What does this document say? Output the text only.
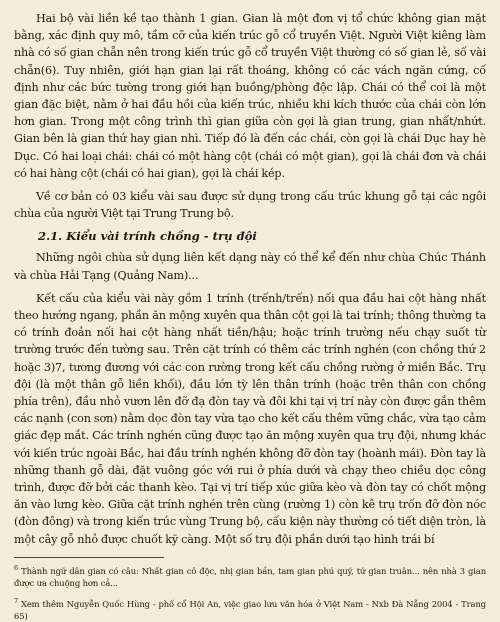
Hai bộ vài liền kề tạo thành 1 gian. Gian là một đơn vị tổ chức không gian mặt bằng, xác định quy mô, tầm cỡ của kiến trúc gỗ cổ truyền Việt. Người Việt kiêng làm nhà có số gian chẵn nên trong kiến trúc gỗ cổ truyền Việt thường có số gian lẻ, số vài chẵn(6). Tuy nhiên, giới hạn gian lại rất thoáng, không có các vách ngăn cứng, cố định như các bức tường trong giới hạn buồng/phòng độc lập. Chái có thể coi là một gian đặc biệt, nằm ở hai đầu hồi của kiến trúc, nhiều khi kích thước của chái còn lớn hơn gian. Trong một công trình thì gian giữa còn gọi là gian trung, gian nhất/nhứt. Gian bên là gian thứ hay gian nhì. Tiếp đó là đến các chái, còn gọi là chái Dục hay hè Dục. Có hai loại chái: chái có một hàng cột (chái có một gian), gọi là chái đơn và chái có hai hàng cột (chái có hai gian), gọi là chái kép.

Về cơ bản có 03 kiểu vài sau được sử dụng trong cấu trúc khung gỗ tại các ngôi chùa của người Việt tại Trung Trung bộ.

2.1. Kiểu vài trính chồng - trụ đội

Những ngôi chùa sử dụng liên kết dạng này có thể kể đến như chùa Chúc Thánh và chùa Hải Tạng (Quảng Nam)...

Kết cấu của kiểu vài này gồm 1 trính (trếnh/trến) nối qua đầu hai cột hàng nhất theo hướng ngang, phần ăn mộng xuyên qua thân cột gọi là tai trính; thông thường ta có trính đoản nối hai cột hàng nhất tiền/hậu; hoặc trính trường nếu chạy suốt từ trường trước đến tường sau. Trên cặt trính có thêm các trính nghén (con chồng thứ 2 hoặc 3)7, tương đương với các con rường trong kết cấu chồng rường ở miền Bắc. Trụ đội (là một thân gỗ liền khối), đầu lớn tỳ lên thân trính (hoặc trên thân con chồng phía trên), đầu nhỏ vươn lên đỡ đạ đòn tay và đôi khi tại vị trí này còn được gắn thêm các nạnh (con sơn) nằm dọc đòn tay vừa tạo cho kết cấu thêm vững chắc, vừa tạo cảm giác đẹp mắt. Các trính nghén cũng được tạo ăn mộng xuyên qua trụ đội, nhưng khác với kiến trúc ngoài Bắc, hai đầu trính nghén không đỡ đòn tay (hoành mái). Đòn tay là những thanh gỗ dài, đặt vuông góc với rui ở phía dưới và chạy theo chiều dọc công trình, được đỡ bởi các thanh kèo. Tại vị trí tiếp xúc giữa kèo và đòn tay có chốt mộng ăn vào lưng kèo. Giữa cặt trính nghén trên cùng (rường 1) còn kê trụ trốn đỡ đòn nóc (đòn đông) và trong kiến trúc vùng Trung bộ, cấu kiện này thường có tiết diện tròn, là một cây gỗ nhỏ được chuốt kỹ càng. Một số trụ đội phần dưới tạo hình trái bí

$^6$ Thành ngữ dân gian có câu: Nhất gian cô độc, nhị gian bần, tam gian phú quý, tứ gian truân... nên nhà 3 gian được ưa chuộng hơn cả...

$^7$ Xem thêm Nguyễn Quốc Hùng - phố cổ Hội An, việc giao lưu văn hóa ở Việt Nam - Nxb Đà Nẵng 2004 - Trang 65)
